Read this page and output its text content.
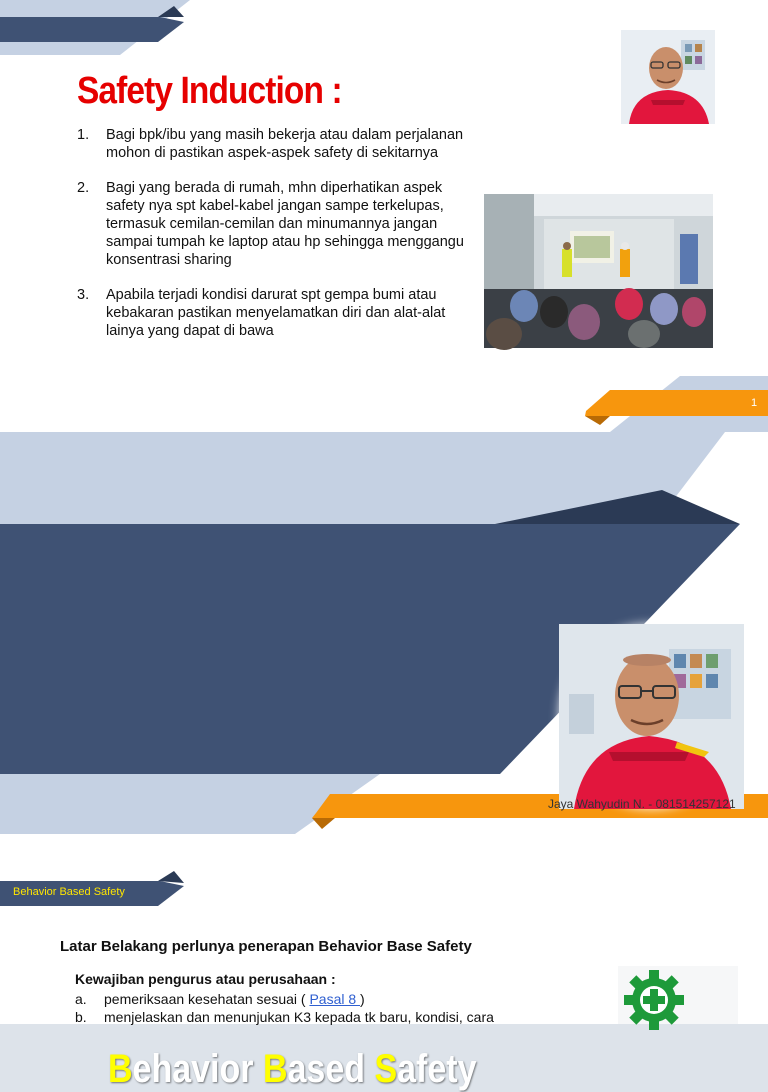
Safety Induction :
1. Bagi bpk/ibu yang masih bekerja atau dalam perjalanan mohon di pastikan aspek-aspek safety di sekitarnya
2. Bagi yang berada di rumah, mhn diperhatikan aspek safety nya spt kabel-kabel jangan sampe terkelupas, termasuk cemilan-cemilan dan minumannya jangan sampai tumpah ke laptop atau hp sehingga menggangu konsentrasi sharing
3. Apabila terjadi kondisi darurat spt gempa bumi atau kebakaran pastikan menyelamatkan diri dan alat-alat lainya yang dapat di bawa
1
Behavior Based Safety
Jaya Wahyudin N. - 081514257121
Behavior Based Safety
Latar Belakang perlunya penerapan Behavior Base Safety
Kewajiban pengurus atau perusahaan :
a. pemeriksaan kesehatan sesuai ( Pasal 8 )
b. menjelaskan dan menunjukan K3 kepada tk baru, kondisi, cara
